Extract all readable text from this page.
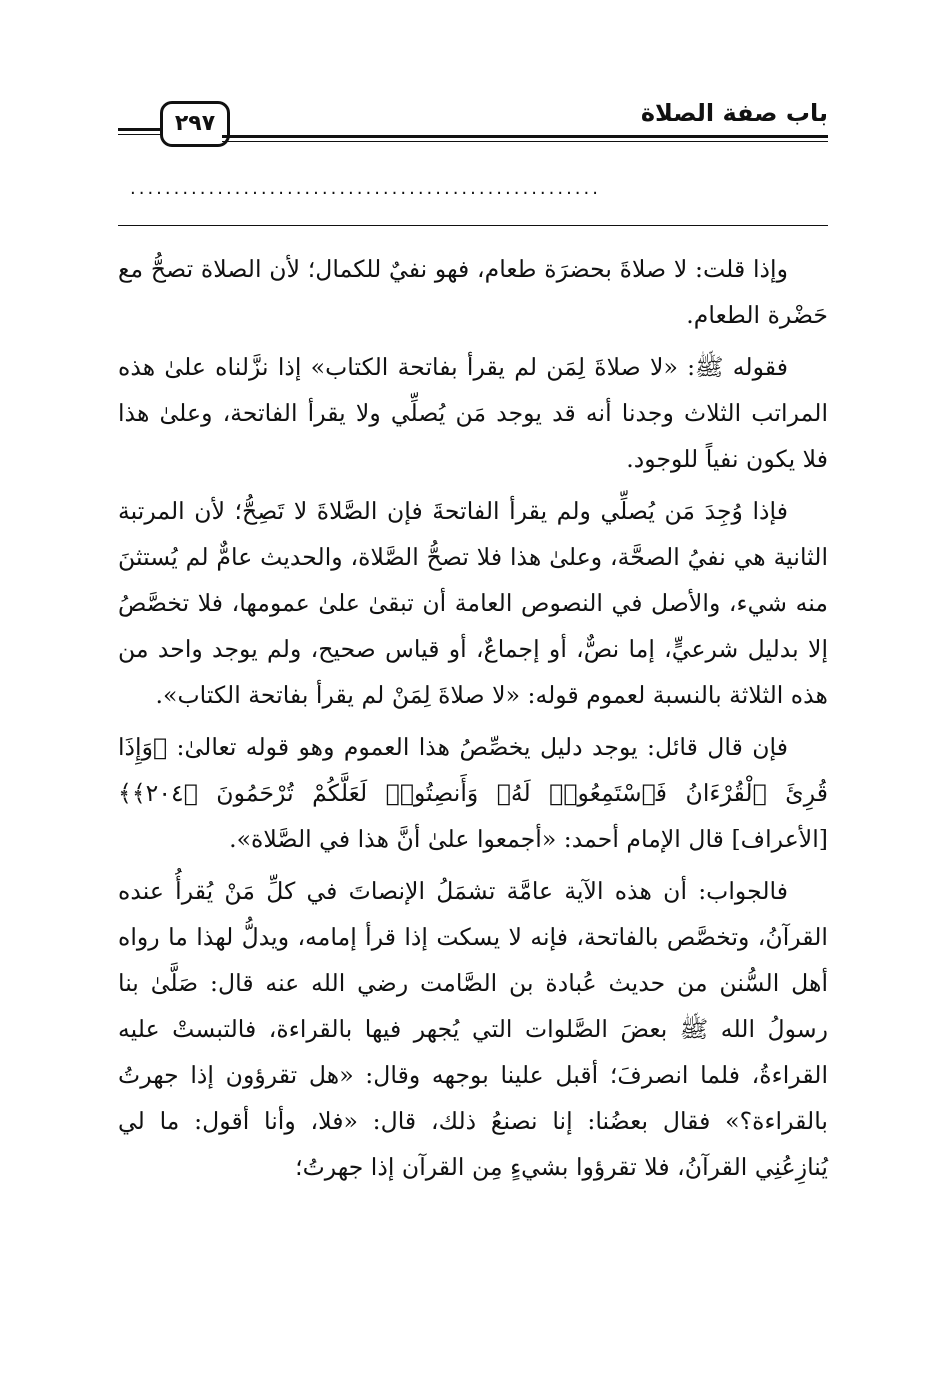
باب صفة الصلاة
٢٩٧
......................................................

وإذا قلت: لا صلاةَ بحضرَة طعام، فهو نفيٌ للكمال؛ لأن الصلاة تصحُّ مع حَضْرة الطعام.

فقوله ﷺ: «لا صلاةَ لِمَن لم يقرأ بفاتحة الكتاب» إذا نزَّلناه علىٰ هذه المراتب الثلاث وجدنا أنه قد يوجد مَن يُصلِّي ولا يقرأ الفاتحة، وعلىٰ هذا فلا يكون نفياً للوجود.

فإذا وُجِدَ مَن يُصلِّي ولم يقرأ الفاتحةَ فإن الصَّلاةَ لا تَصِحُّ؛ لأن المرتبة الثانية هي نفيُ الصحَّة، وعلىٰ هذا فلا تصحُّ الصَّلاة، والحديث عامٌّ لم يُستثنَ منه شيء، والأصل في النصوص العامة أن تبقىٰ علىٰ عمومها، فلا تخصَّصُ إلا بدليل شرعيٍّ، إما نصٌّ، أو إجماعٌ، أو قياس صحيح، ولم يوجد واحد من هذه الثلاثة بالنسبة لعموم قوله: «لا صلاةَ لِمَنْ لم يقرأ بفاتحة الكتاب».

فإن قال قائل: يوجد دليل يخصِّصُ هذا العموم وهو قوله تعالىٰ: ﴿وَإِذَا قُرِئَ ٱلْقُرْءَانُ فَٱسْتَمِعُوا۟ لَهُۥ وَأَنصِتُوا۟ لَعَلَّكُمْ تُرْحَمُونَ ﴿٢٠٤﴾﴾ [الأعراف] قال الإمام أحمد: «أجمعوا علىٰ أنَّ هذا في الصَّلاة».

فالجواب: أن هذه الآية عامَّة تشمَلُ الإنصاتَ في كلِّ مَنْ يُقرأُ عنده القرآنُ، وتخصَّص بالفاتحة، فإنه لا يسكت إذا قرأ إمامه، ويدلُّ لهذا ما رواه أهل السُّنن من حديث عُبادة بن الصَّامت رضي الله عنه قال: صَلَّىٰ بنا رسولُ الله ﷺ بعضَ الصَّلوات التي يُجهر فيها بالقراءة، فالتبستْ عليه القراءةُ، فلما انصرفَ؛ أقبل علينا بوجهه وقال: «هل تقرؤون إذا جهرتُ بالقراءة؟» فقال بعضُنا: إنا نصنعُ ذلك، قال: «فلا، وأنا أقول: ما لي يُنازِعُنِي القرآنُ، فلا تقرؤوا بشيءٍ مِن القرآن إذا جهرتُ؛
